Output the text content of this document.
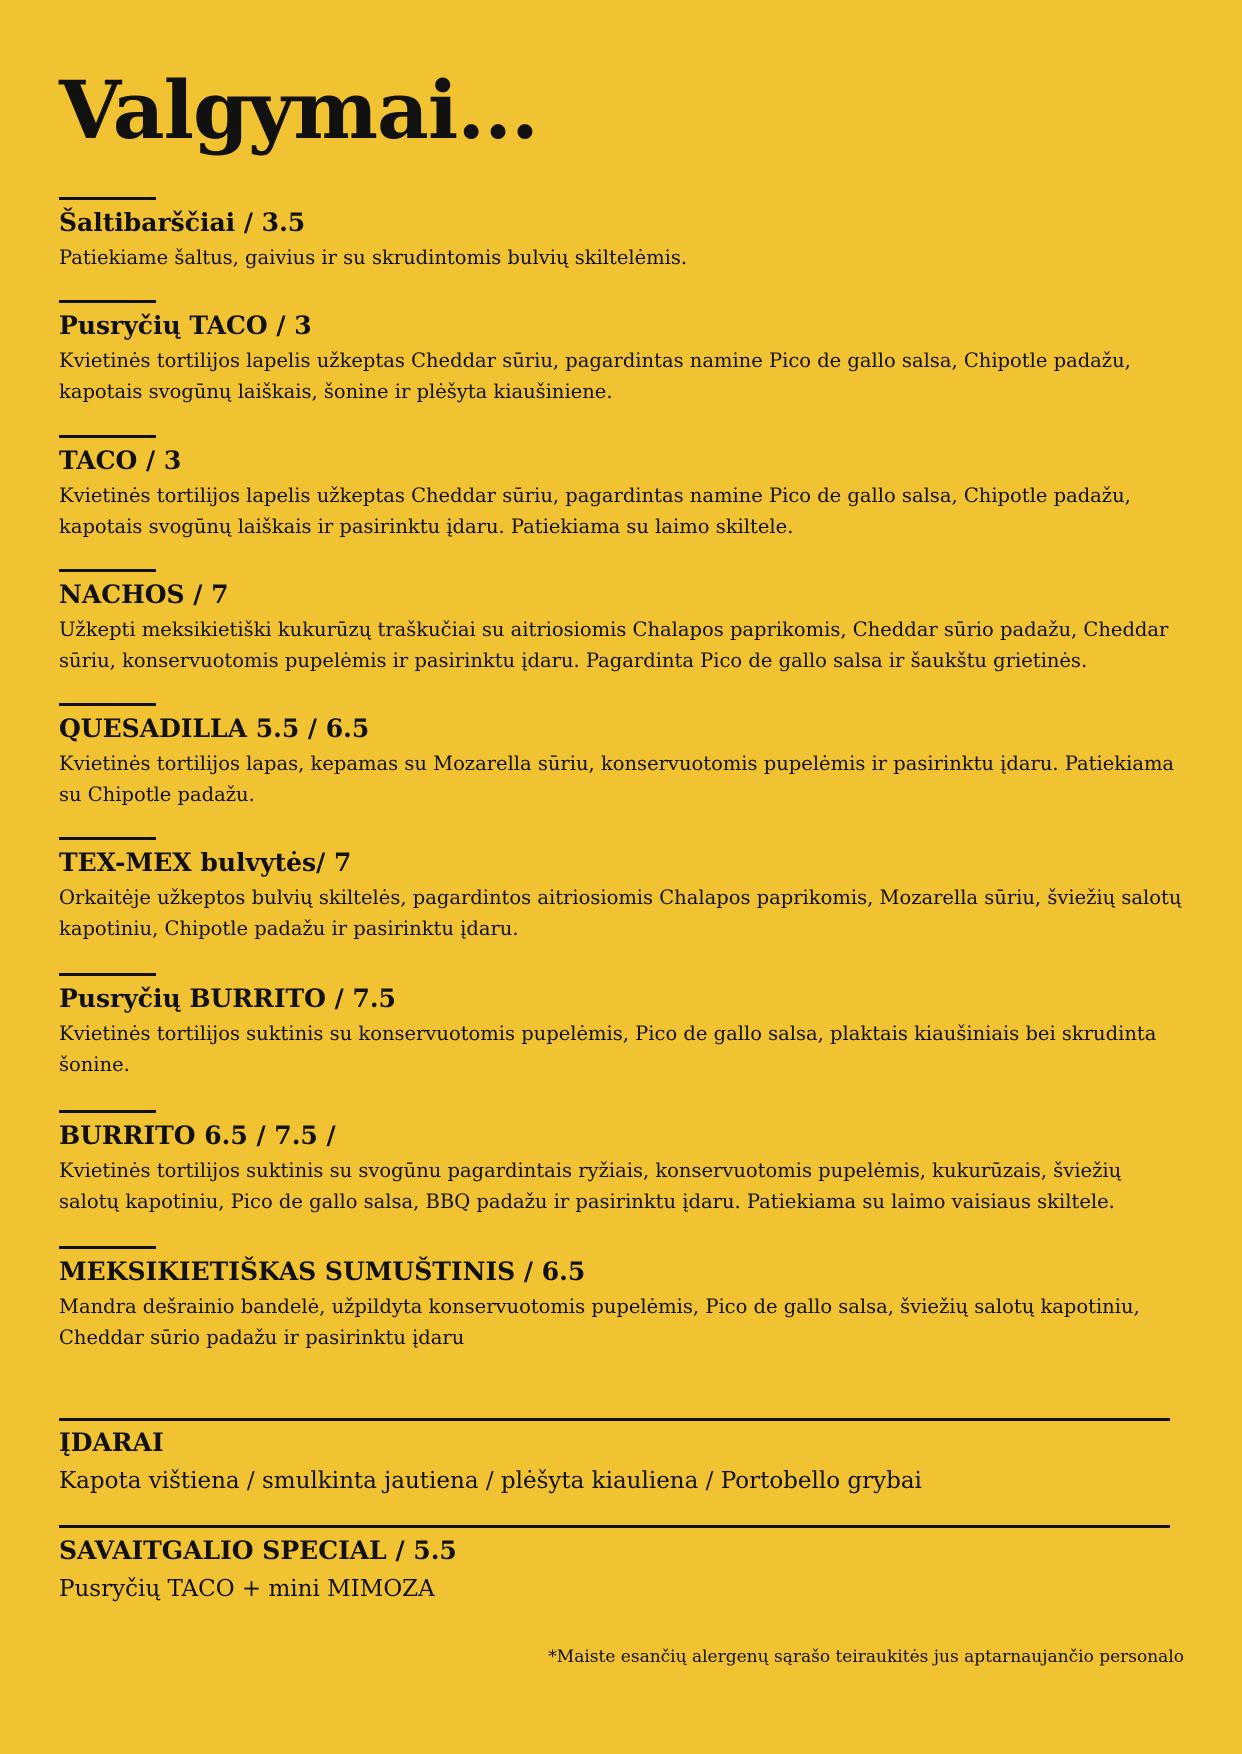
Valgymai...
Šaltibarščiai / 3.5

Patiekiame šaltus, gaivius ir su skrudintomis bulvių skiltelėmis.

Pusryčių TACO / 3

Kvietinės tortilijos lapelis užkeptas Cheddar sūriu, pagardintas namine Pico de gallo salsa, Chipotle padažu, kapotais svogūnų laiškais, šonine ir plėšyta kiaušiniene.

TACO / 3

Kvietinės tortilijos lapelis užkeptas Cheddar sūriu, pagardintas namine Pico de gallo salsa, Chipotle padažu, kapotais svogūnų laiškais ir pasirinktu įdaru. Patiekiama su laimo skiltele.

NACHOS / 7

Užkepti meksikietiški kukurūzų traškučiai su aitriosiomis Chalapos paprikomis, Cheddar sūrio padažu, Cheddar sūriu, konservuotomis pupelėmis ir pasirinktu įdaru. Pagardinta Pico de gallo salsa ir šaukštu grietinės.

QUESADILLA 5.5 / 6.5

Kvietinės tortilijos lapas, kepamas su Mozarella sūriu, konservuotomis pupelėmis ir pasirinktu įdaru. Patiekiama su Chipotle padažu.

TEX-MEX bulvytės/ 7

Orkaitėje užkeptos bulvių skiltelės, pagardintos aitriosiomis Chalapos paprikomis, Mozarella sūriu, šviežių salotų kapotiniu, Chipotle padažu ir pasirinktu įdaru.

Pusryčių BURRITO / 7.5

Kvietinės tortilijos suktinis su konservuotomis pupelėmis, Pico de gallo salsa, plaktais kiaušiniais bei skrudinta šonine.

BURRITO 6.5 / 7.5 /

Kvietinės tortilijos suktinis su svogūnu pagardintais ryžiais, konservuotomis pupelėmis, kukurūzais, šviežių salotų kapotiniu, Pico de gallo salsa, BBQ padažu ir pasirinktu įdaru. Patiekiama su laimo vaisiaus skiltele.

MEKSIKIETIŠKAS SUMUŠTINIS / 6.5

Mandra dešrainio bandelė, užpildyta konservuotomis pupelėmis, Pico de gallo salsa, šviežių salotų kapotiniu, Cheddar sūrio padažu ir pasirinktu įdaru

ĮDARAI

Kapota vištiena / smulkinta jautiena / plėšyta kiauliena / Portobello grybai

SAVAITGALIO SPECIAL / 5.5

Pusryčių TACO + mini MIMOZA

*Maiste esančių alergenų sąrašo teiraukitės jus aptarnaujančio personalo
